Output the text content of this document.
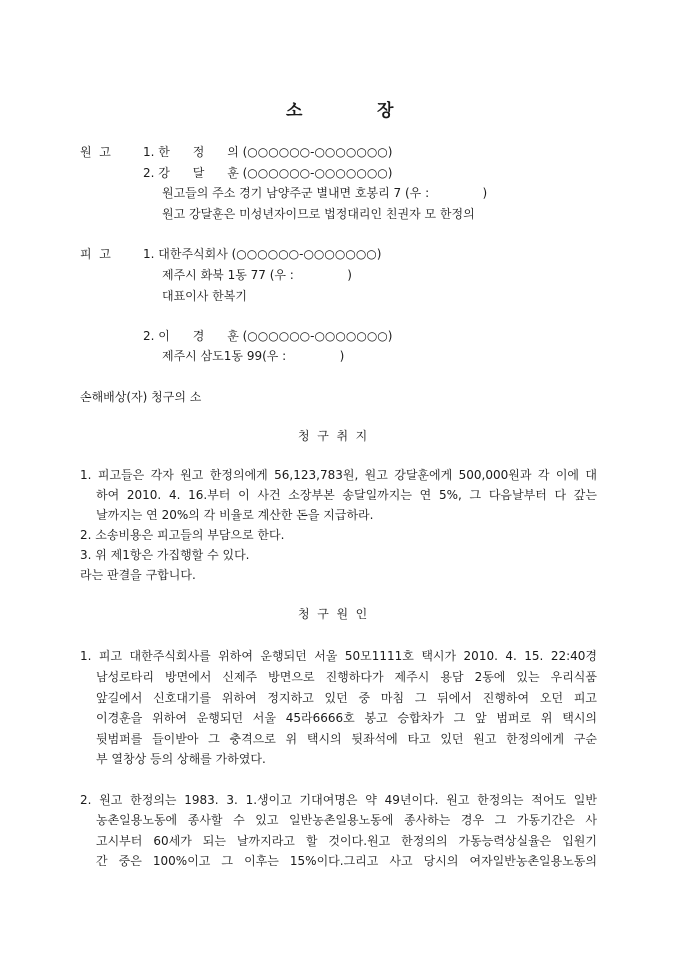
소	장
원  고	1. 한      정      의 (○○○○○○-○○○○○○○)
2. 강      달      훈 (○○○○○○-○○○○○○○)
원고들의 주소 경기 남양주군 별내면 호봉리 7 (우 :              )
원고 강달훈은 미성년자이므로 법정대리인 친권자 모 한정의
피  고	1. 대한주식회사 (○○○○○○-○○○○○○○)
제주시 화북 1동 77 (우 :              )
대표이사 한복기
2. 이      경      훈 (○○○○○○-○○○○○○○)
제주시 삼도1동 99(우 :              )
손해배상(자) 청구의 소
청  구  취  지
1. 피고들은 각자 원고 한정의에게 56,123,783원, 원고 강달훈에게 500,000원과 각 이에 대
하여 2010. 4. 16.부터 이 사건 소장부본 송달일까지는 연 5%, 그 다음날부터 다 갚는
날까지는 연 20%의 각 비율로 계산한 돈을 지급하라.
2. 소송비용은 피고들의 부담으로 한다.
3. 위 제1항은 가집행할 수 있다.
라는 판결을 구합니다.
청  구  원  인
1. 피고 대한주식회사를 위하여 운행되던 서울 50모1111호 택시가 2010. 4. 15. 22:40경
남성로타리 방면에서 신제주 방면으로 진행하다가 제주시 용담 2동에 있는 우리식품
앞길에서 신호대기를 위하여 정지하고 있던 중 마침 그 뒤에서 진행하여 오던 피고
이경훈을 위하여 운행되던 서울 45라6666호 봉고 승합차가 그 앞 범퍼로 위 택시의
뒷범퍼를 들이받아 그 충격으로 위 택시의 뒷좌석에 타고 있던 원고 한정의에게 구순
부 열창상 등의 상해를 가하였다.
2. 원고 한정의는 1983. 3. 1.생이고 기대여명은 약 49년이다. 원고 한정의는 적어도 일반
농촌일용노동에 종사할 수 있고 일반농촌일용노동에 종사하는 경우 그 가동기간은 사
고시부터 60세가 되는 날까지라고 할 것이다.원고 한정의의 가동능력상실율은 입원기
간 중은 100%이고 그 이후는 15%이다.그리고 사고 당시의 여자일반농촌일용노동의
